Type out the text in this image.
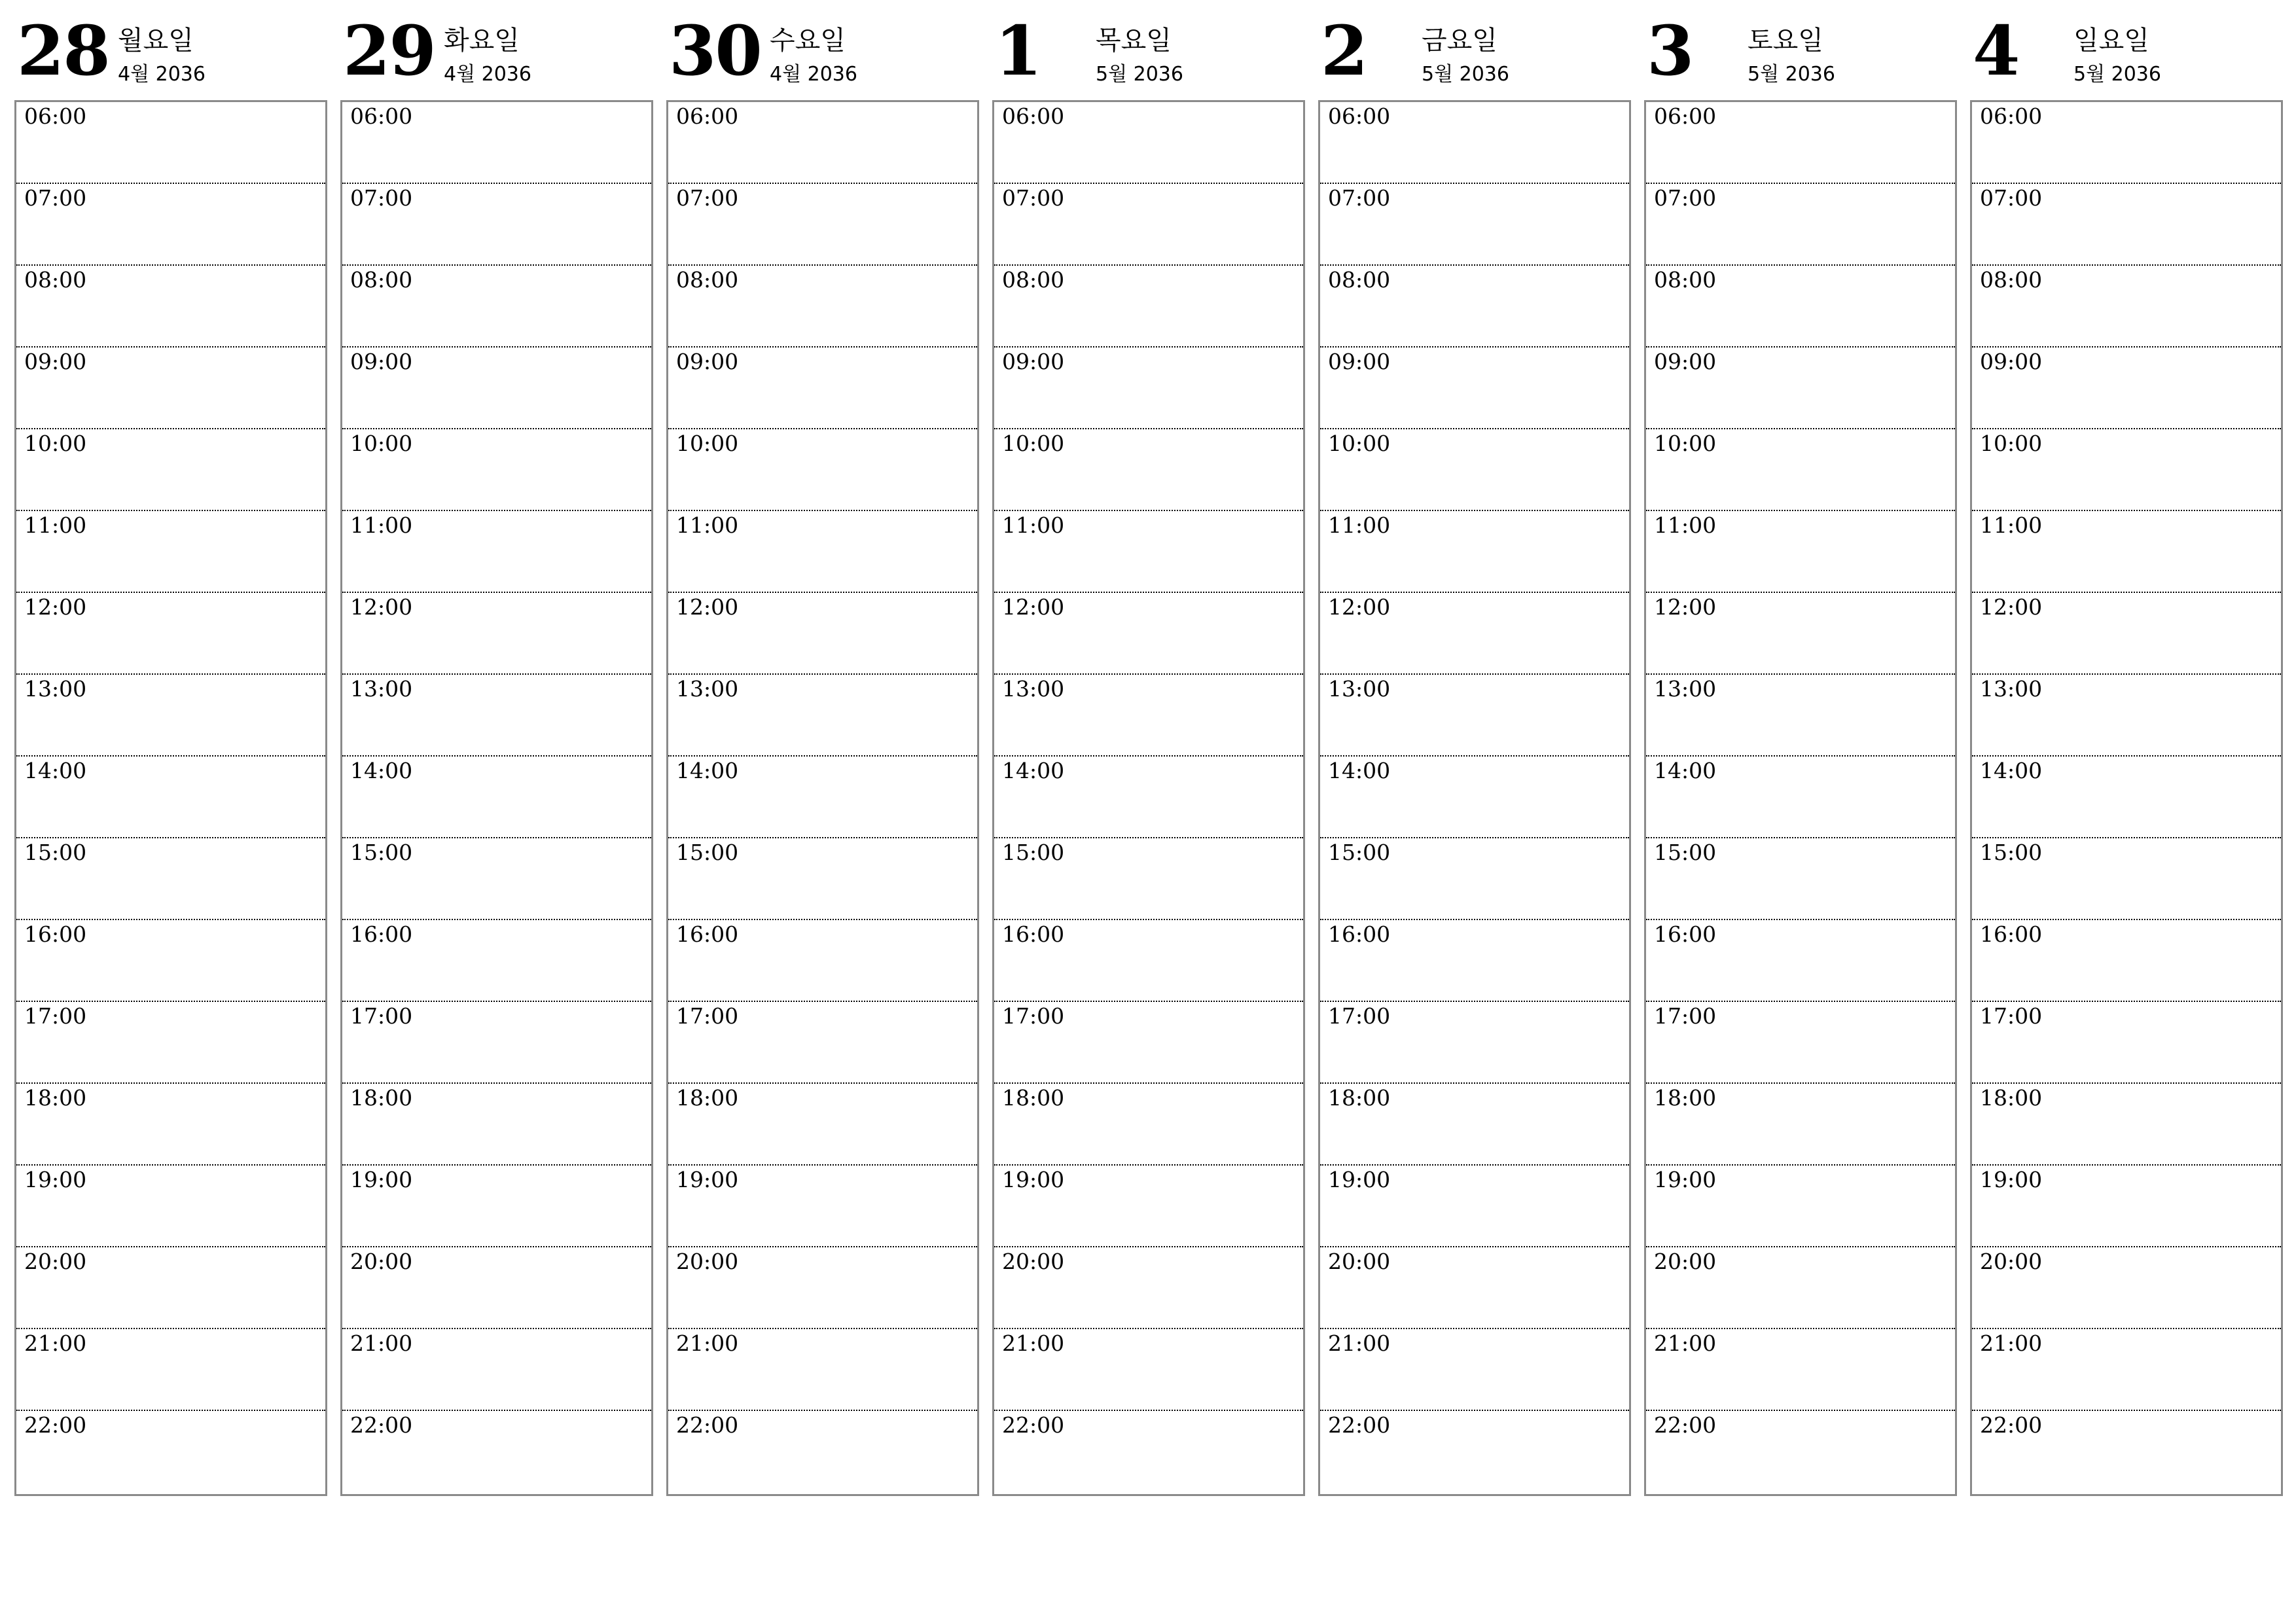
28 월요일
4월 2036
06:00
07:00
08:00
09:00
10:00
11:00
12:00
13:00
14:00
15:00
16:00
17:00
18:00
19:00
20:00
21:00
22:00
29 화요일
4월 2036
06:00
07:00
08:00
09:00
10:00
11:00
12:00
13:00
14:00
15:00
16:00
17:00
18:00
19:00
20:00
21:00
22:00
30 수요일
4월 2036
06:00
07:00
08:00
09:00
10:00
11:00
12:00
13:00
14:00
15:00
16:00
17:00
18:00
19:00
20:00
21:00
22:00
1 목요일
5월 2036
06:00
07:00
08:00
09:00
10:00
11:00
12:00
13:00
14:00
15:00
16:00
17:00
18:00
19:00
20:00
21:00
22:00
2 금요일
5월 2036
06:00
07:00
08:00
09:00
10:00
11:00
12:00
13:00
14:00
15:00
16:00
17:00
18:00
19:00
20:00
21:00
22:00
3 토요일
5월 2036
06:00
07:00
08:00
09:00
10:00
11:00
12:00
13:00
14:00
15:00
16:00
17:00
18:00
19:00
20:00
21:00
22:00
4 일요일
5월 2036
06:00
07:00
08:00
09:00
10:00
11:00
12:00
13:00
14:00
15:00
16:00
17:00
18:00
19:00
20:00
21:00
22:00
